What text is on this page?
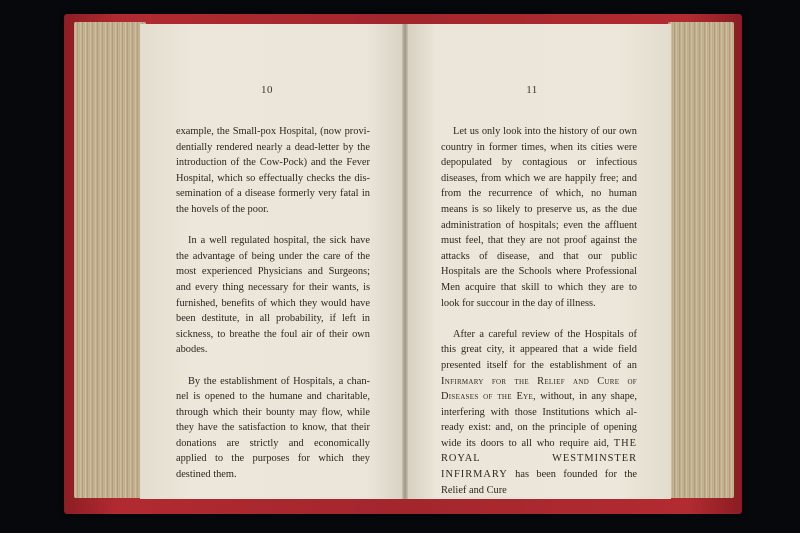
10

example, the Small-pox Hospital, (now providentially rendered nearly a dead-letter by the introduction of the Cow-Pock) and the Fever Hospital, which so effectually checks the dissemination of a disease formerly very fatal in the hovels of the poor.

In a well regulated hospital, the sick have the advantage of being under the care of the most experienced Physicians and Surgeons; and every thing necessary for their wants, is furnished, benefits of which they would have been destitute, in all probability, if left in sickness, to breathe the foul air of their own abodes.

By the establishment of Hospitals, a channel is opened to the humane and charitable, through which their bounty may flow, while they have the satisfaction to know, that their donations are strictly and economically applied to the purposes for which they destined them.

11

Let us only look into the history of our own country in former times, when its cities were depopulated by contagious or infectious diseases, from which we are happily free; and from the recurrence of which, no human means is so likely to preserve us, as the due administration of hospitals; even the affluent must feel, that they are not proof against the attacks of disease, and that our public Hospitals are the Schools where Professional Men acquire that skill to which they are to look for succour in the day of illness.

After a careful review of the Hospitals of this great city, it appeared that a wide field presented itself for the establishment of an Infirmary for the Relief and Cure of Diseases of the Eye, without, in any shape, interfering with those Institutions which already exist: and, on the principle of opening wide its doors to all who require aid, THE ROYAL WESTMINSTER INFIRMARY has been founded for the Relief and Cure
